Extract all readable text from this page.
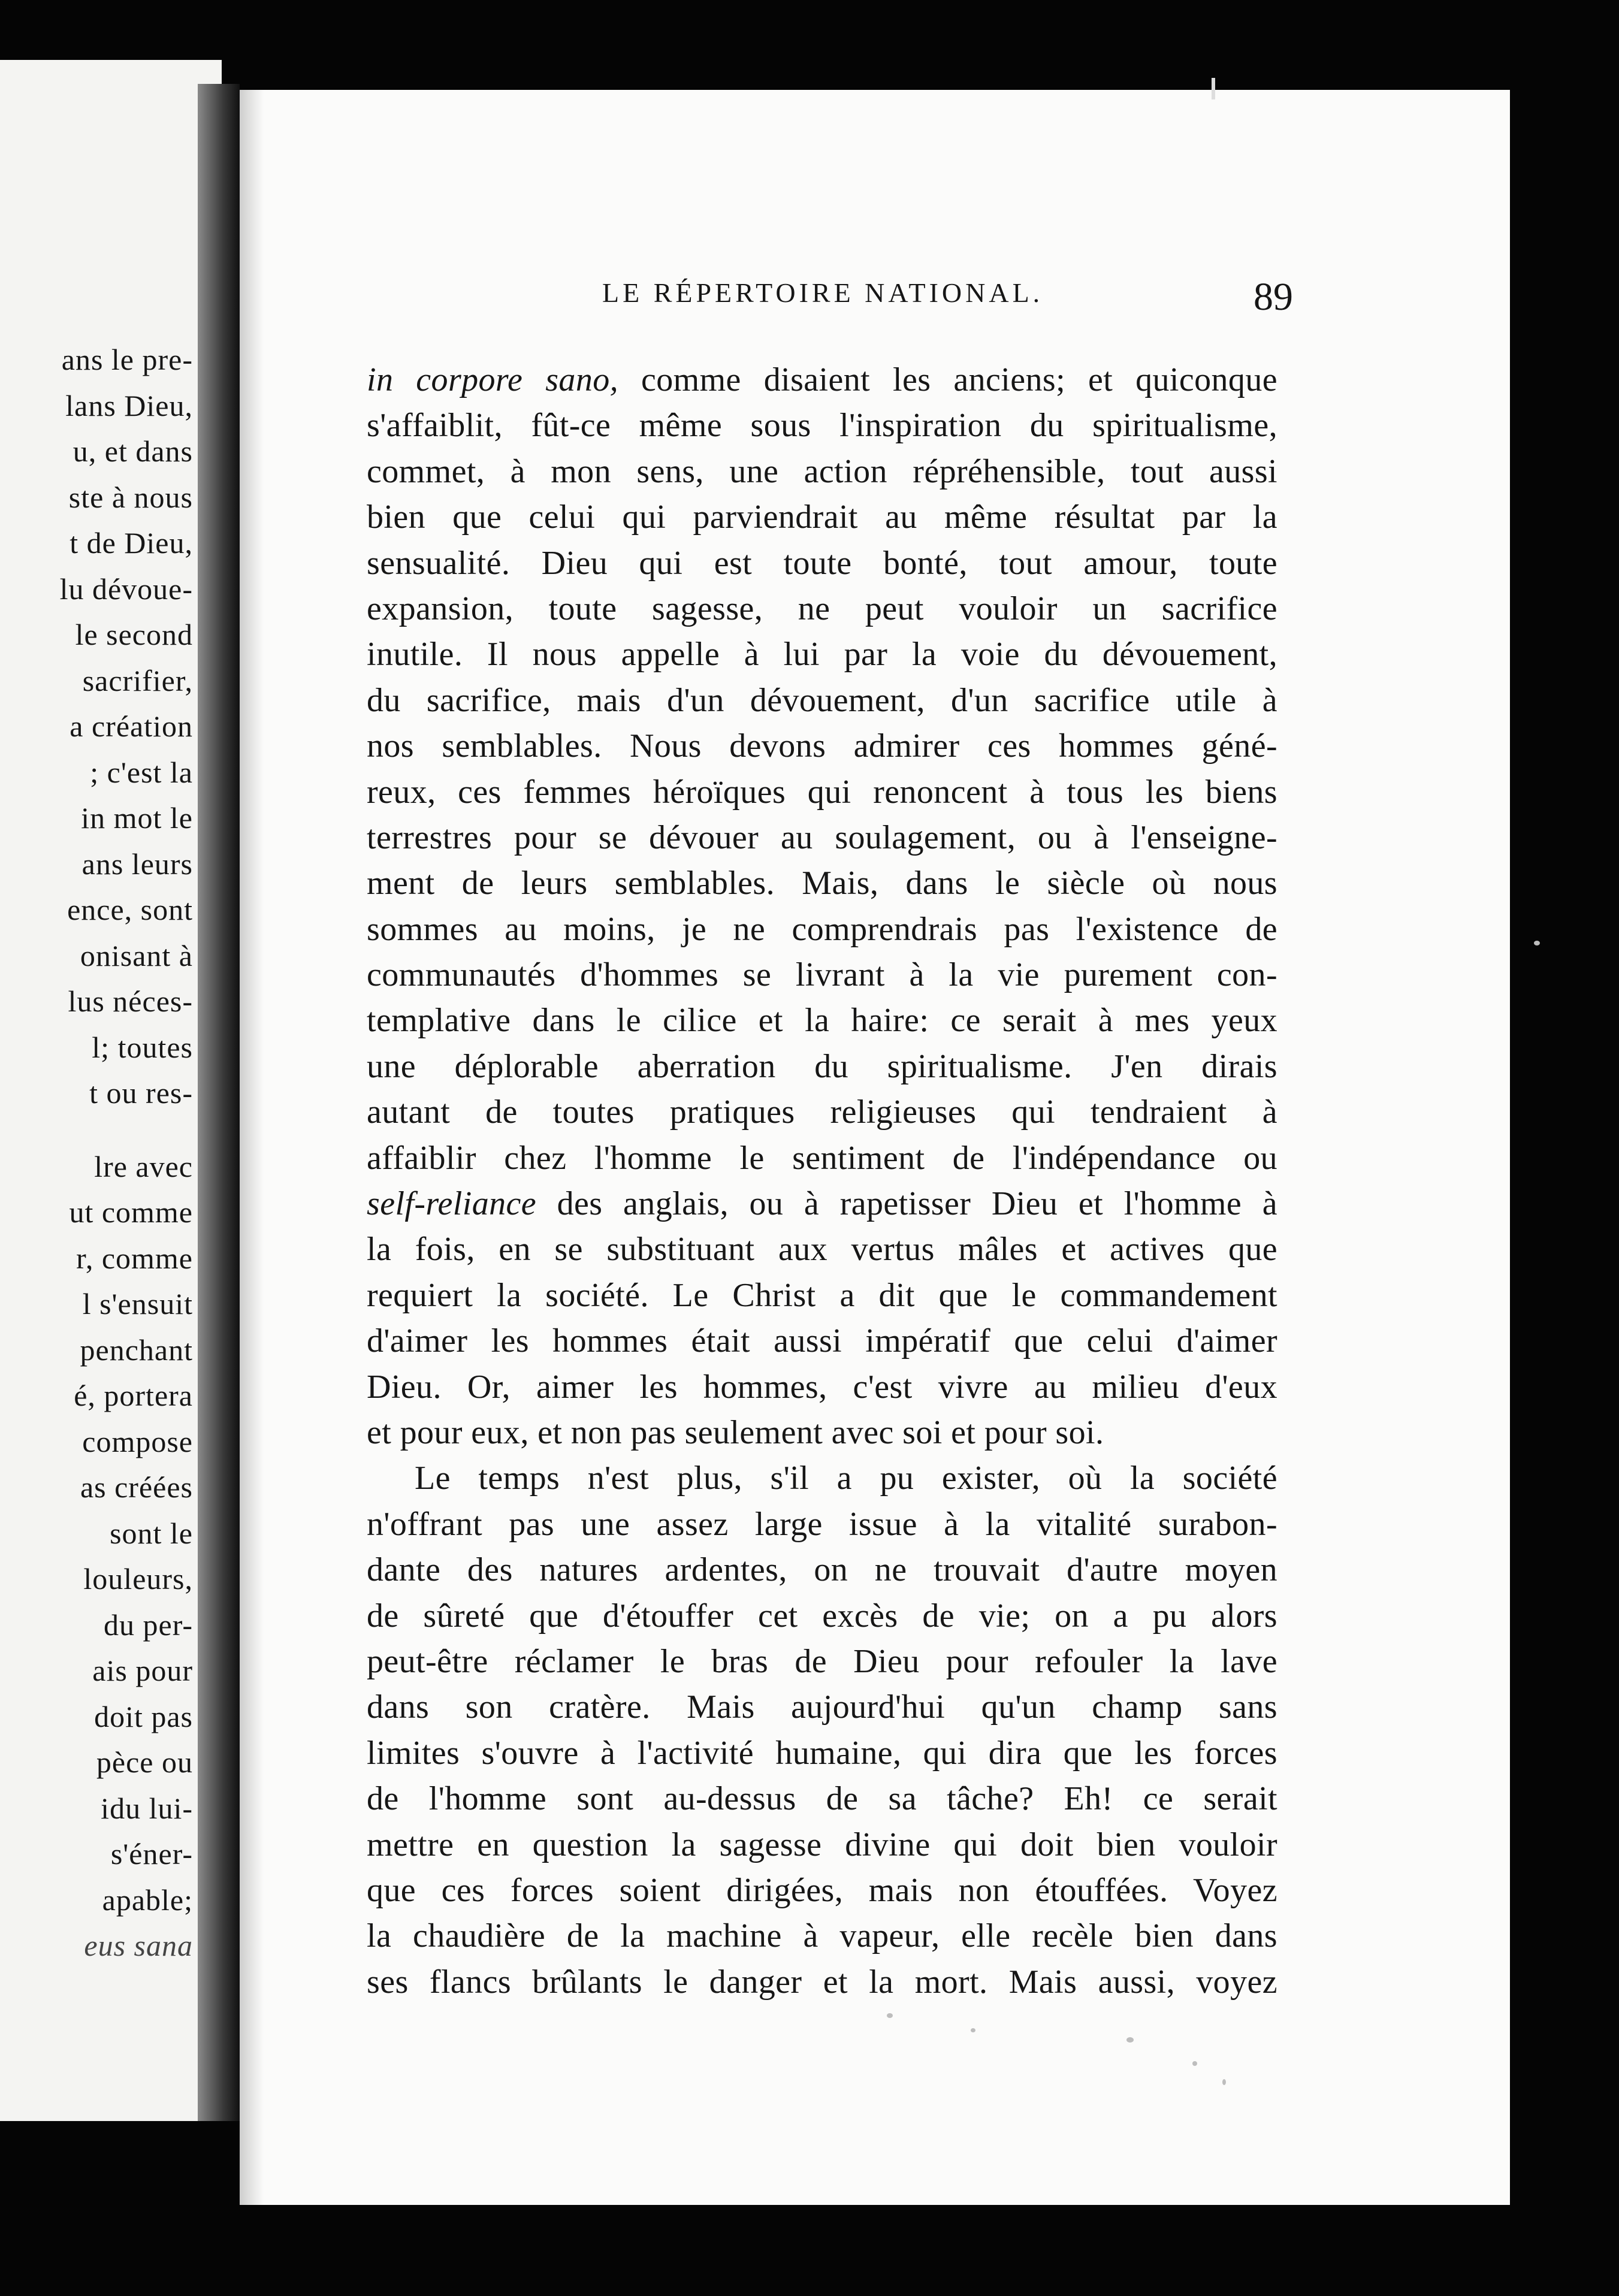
ans le pre-
lans Dieu,
u, et dans
ste à nous
t de Dieu,
lu dévoue-
le second
sacrifier,
a création
; c'est la
in mot le
ans leurs
ence, sont
onisant à
lus néces-
l; toutes
t ou res-
lre avec
ut comme
r, comme
l s'ensuit
penchant
é, portera
compose
as créées
sont le
louleurs,
du per-
ais pour
doit pas
pèce ou
idu lui-
s'éner-
apable;
eus sana
LE RÉPERTOIRE NATIONAL.	89
in corpore sano, comme disaient les anciens; et quiconque
s'affaiblit, fût-ce même sous l'inspiration du spiritualisme,
commet, à mon sens, une action répréhensible, tout aussi
bien que celui qui parviendrait au même résultat par la
sensualité. Dieu qui est toute bonté, tout amour, toute
expansion, toute sagesse, ne peut vouloir un sacrifice
inutile. Il nous appelle à lui par la voie du dévouement,
du sacrifice, mais d'un dévouement, d'un sacrifice utile à
nos semblables. Nous devons admirer ces hommes géné-
reux, ces femmes héroïques qui renoncent à tous les biens
terrestres pour se dévouer au soulagement, ou à l'enseigne-
ment de leurs semblables. Mais, dans le siècle où nous
sommes au moins, je ne comprendrais pas l'existence de
communautés d'hommes se livrant à la vie purement con-
templative dans le cilice et la haire: ce serait à mes yeux
une déplorable aberration du spiritualisme. J'en dirais
autant de toutes pratiques religieuses qui tendraient à
affaiblir chez l'homme le sentiment de l'indépendance ou
self-reliance des anglais, ou à rapetisser Dieu et l'homme à
la fois, en se substituant aux vertus mâles et actives que
requiert la société. Le Christ a dit que le commandement
d'aimer les hommes était aussi impératif que celui d'aimer
Dieu. Or, aimer les hommes, c'est vivre au milieu d'eux
et pour eux, et non pas seulement avec soi et pour soi.
Le temps n'est plus, s'il a pu exister, où la société
n'offrant pas une assez large issue à la vitalité surabon-
dante des natures ardentes, on ne trouvait d'autre moyen
de sûreté que d'étouffer cet excès de vie; on a pu alors
peut-être réclamer le bras de Dieu pour refouler la lave
dans son cratère. Mais aujourd'hui qu'un champ sans
limites s'ouvre à l'activité humaine, qui dira que les forces
de l'homme sont au-dessus de sa tâche? Eh! ce serait
mettre en question la sagesse divine qui doit bien vouloir
que ces forces soient dirigées, mais non étouffées. Voyez
la chaudière de la machine à vapeur, elle recèle bien dans
ses flancs brûlants le danger et la mort. Mais aussi, voyez
